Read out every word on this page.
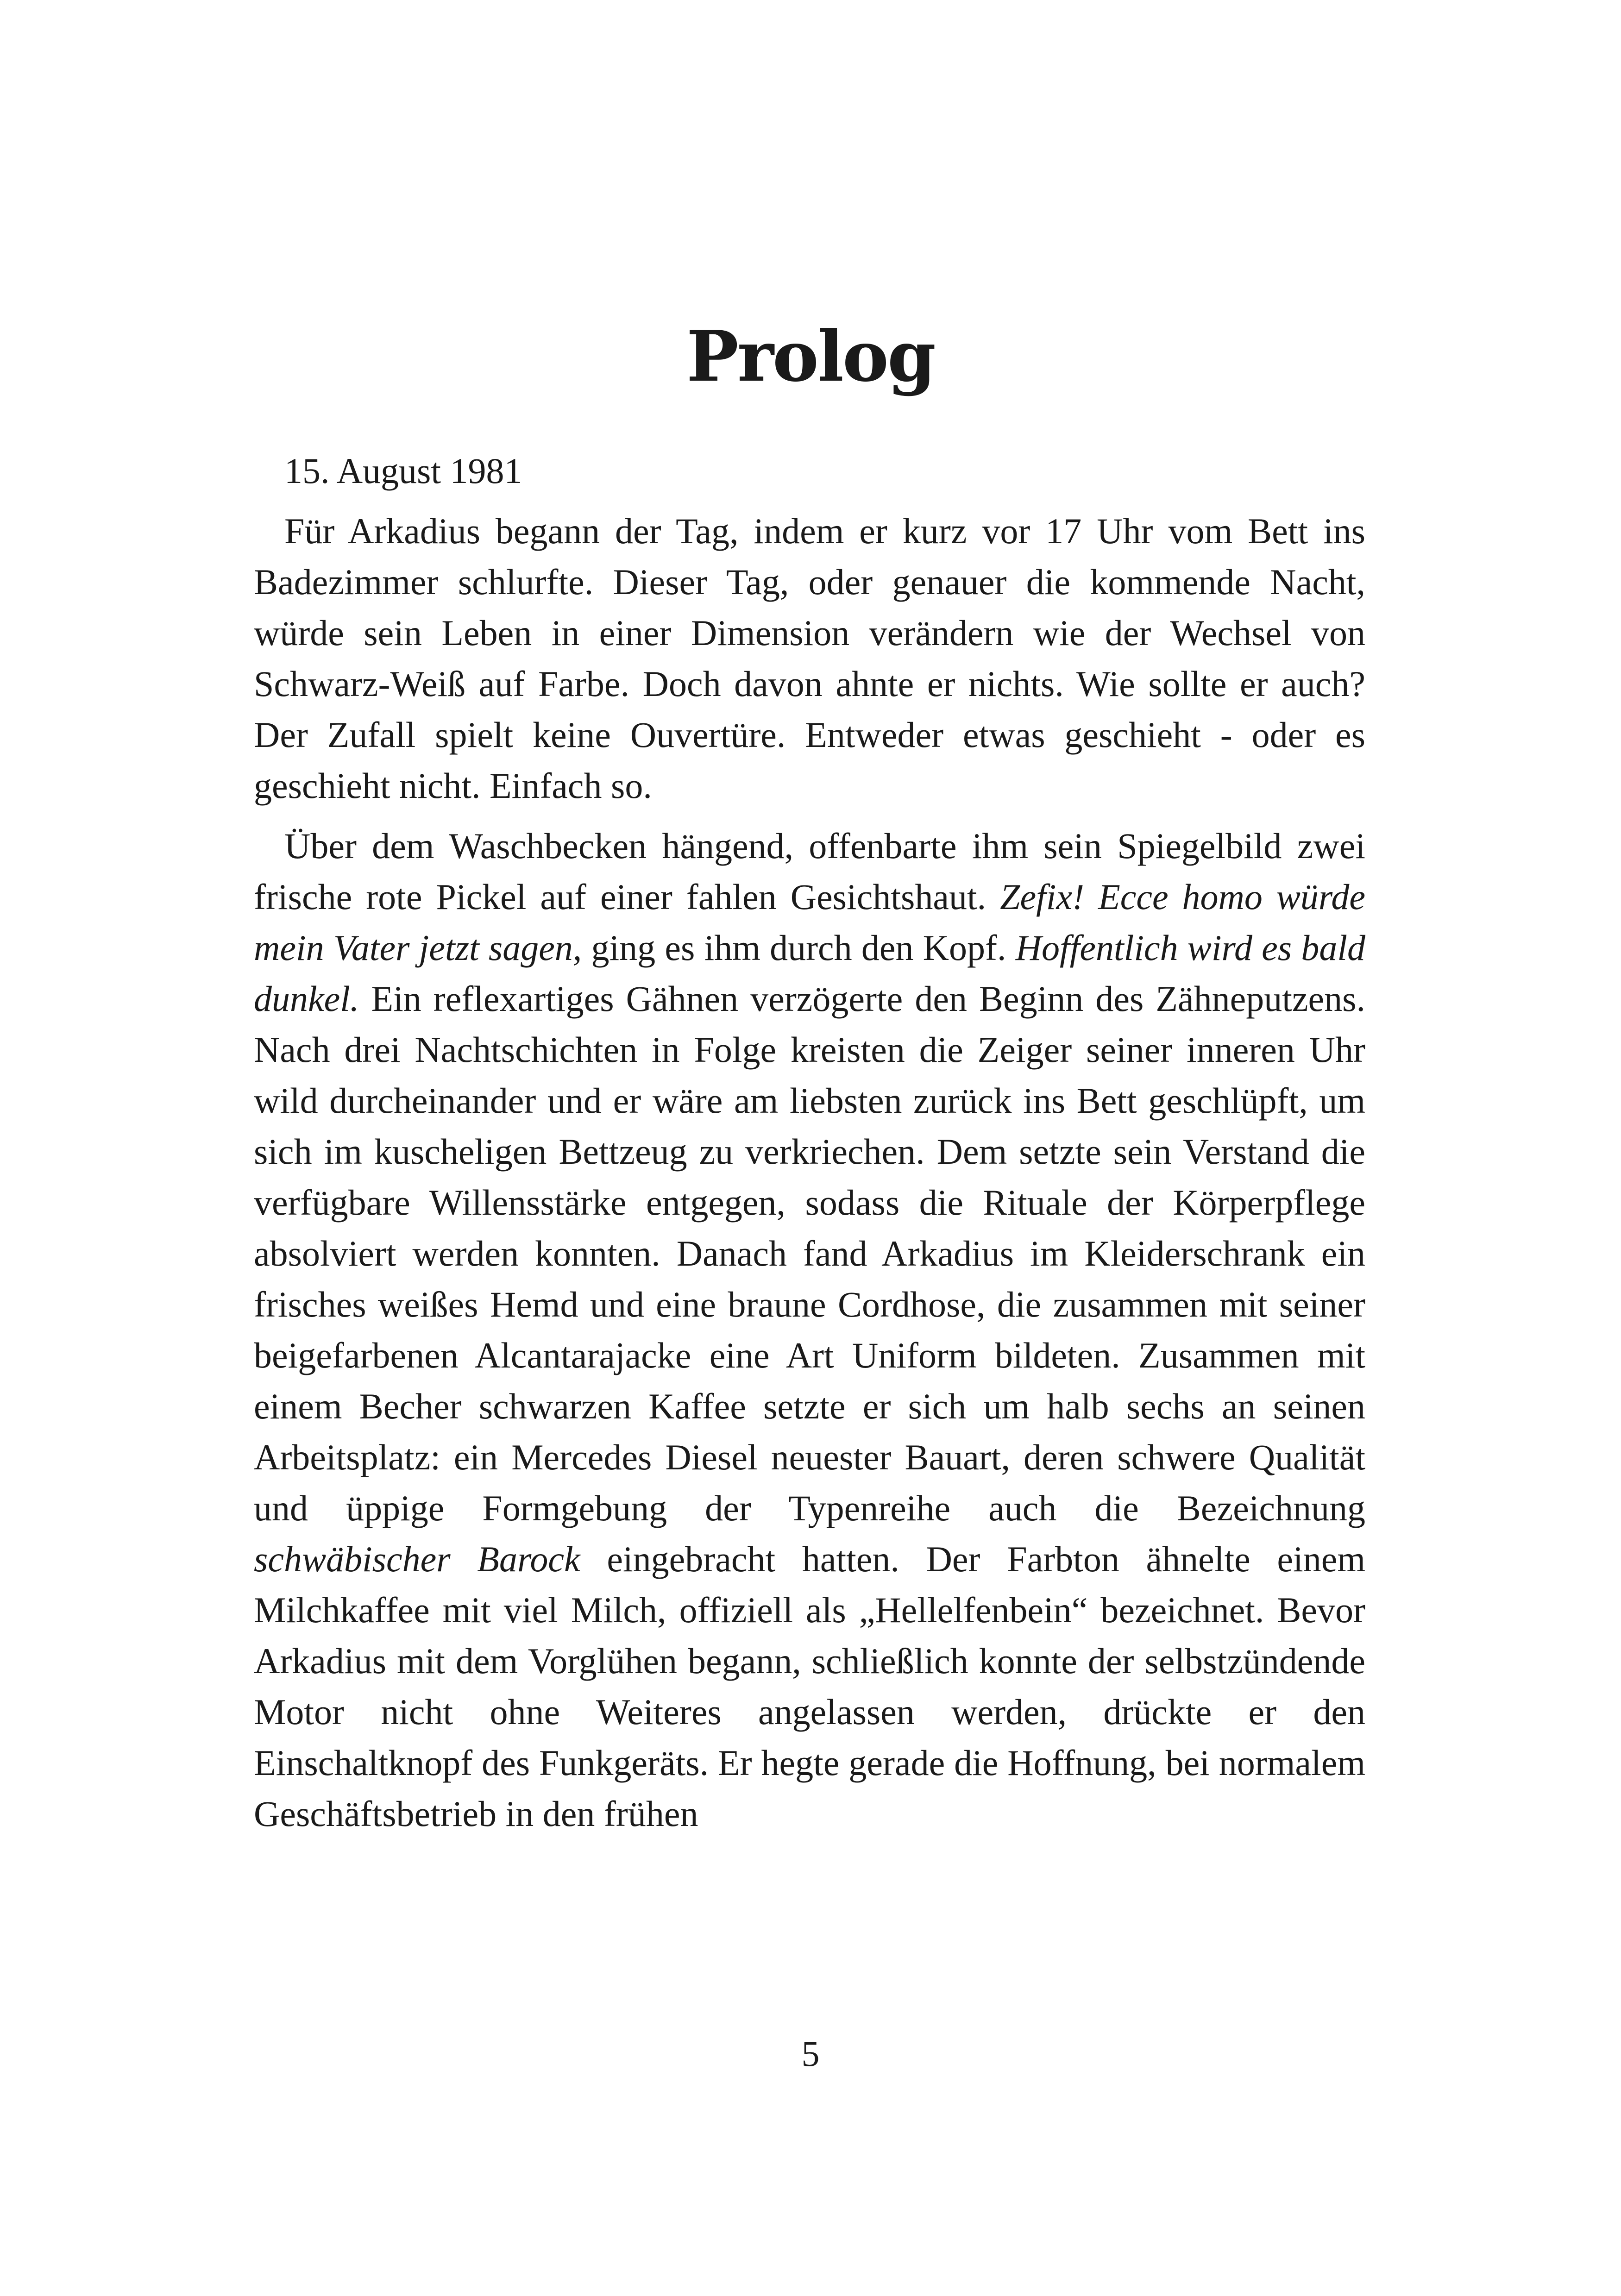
Prolog

15. August 1981

Für Arkadius begann der Tag, indem er kurz vor 17 Uhr vom Bett ins Badezimmer schlurfte. Dieser Tag, oder genauer die kommende Nacht, würde sein Leben in einer Dimension verändern wie der Wechsel von Schwarz-Weiß auf Farbe. Doch davon ahnte er nichts. Wie sollte er auch? Der Zufall spielt keine Ouvertüre. Entweder etwas geschieht - oder es geschieht nicht. Einfach so.

Über dem Waschbecken hängend, offenbarte ihm sein Spiegelbild zwei frische rote Pickel auf einer fahlen Gesichtshaut. Zefix! Ecce homo würde mein Vater jetzt sagen, ging es ihm durch den Kopf. Hoffentlich wird es bald dunkel. Ein reflexartiges Gähnen verzögerte den Beginn des Zähneputzens. Nach drei Nachtschichten in Folge kreisten die Zeiger seiner inneren Uhr wild durcheinander und er wäre am liebsten zurück ins Bett geschlüpft, um sich im kuscheligen Bettzeug zu verkriechen. Dem setzte sein Verstand die verfügbare Willensstärke entgegen, sodass die Rituale der Körperpflege absolviert werden konnten. Danach fand Arkadius im Kleiderschrank ein frisches weißes Hemd und eine braune Cordhose, die zusammen mit seiner beigefarbenen Alcantarajacke eine Art Uniform bildeten. Zusammen mit einem Becher schwarzen Kaffee setzte er sich um halb sechs an seinen Arbeitsplatz: ein Mercedes Diesel neuester Bauart, deren schwere Qualität und üppige Formgebung der Typenreihe auch die Bezeichnung schwäbischer Barock eingebracht hatten. Der Farbton ähnelte einem Milchkaffee mit viel Milch, offiziell als „Hellelfenbein“ bezeichnet. Bevor Arkadius mit dem Vorglühen begann, schließlich konnte der selbstzündende Motor nicht ohne Weiteres angelassen werden, drückte er den Einschaltknopf des Funkgeräts. Er hegte gerade die Hoffnung, bei normalem Geschäftsbetrieb in den frühen

5
